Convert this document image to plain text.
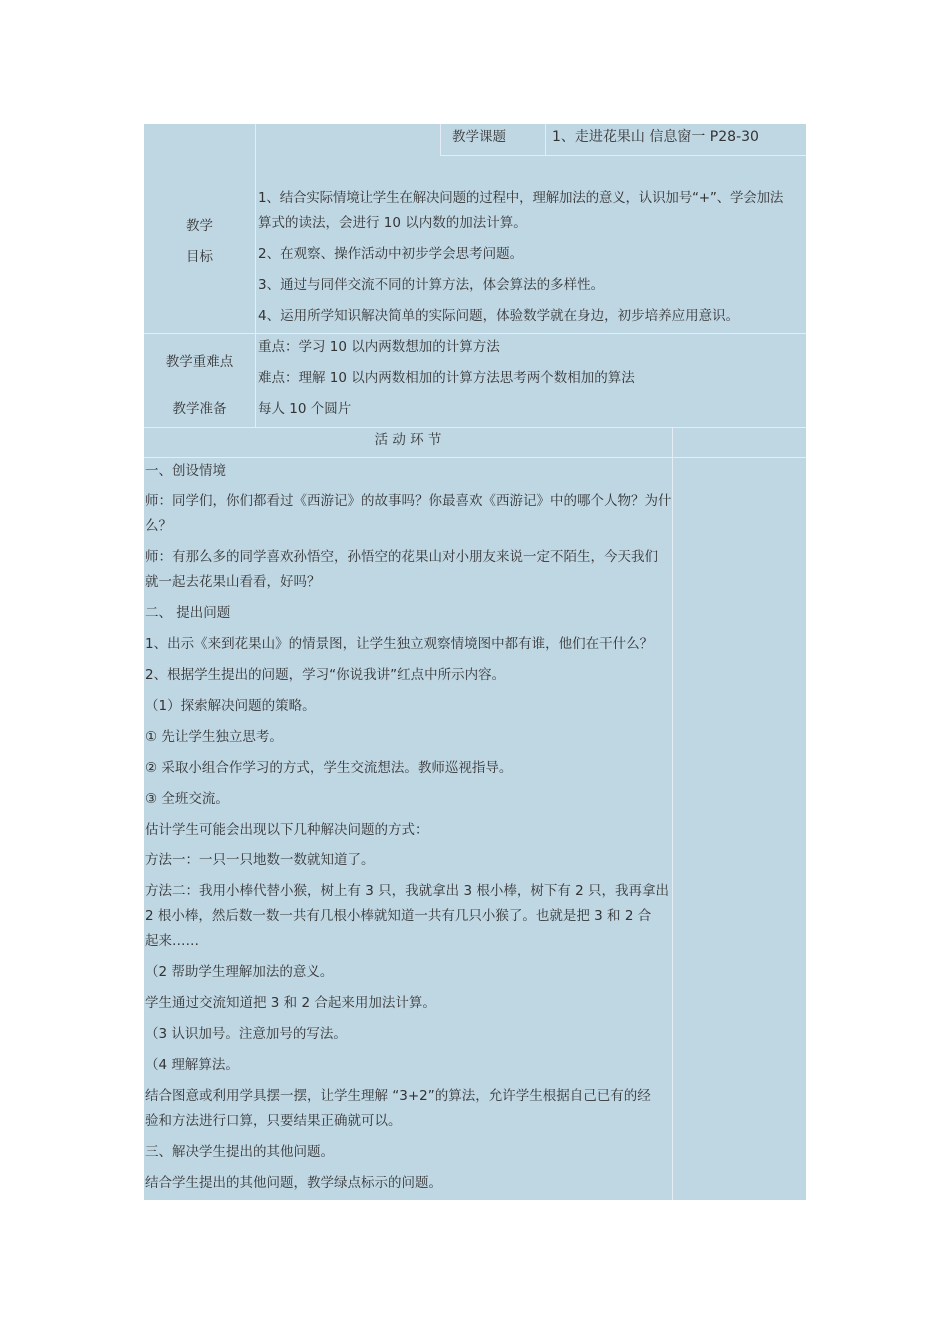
教学课题	1、走进花果山 信息窗一 P28-30
教学
目标
1、结合实际情境让学生在解决问题的过程中，理解加法的意义，认识加号“+”、学会加法
算式的读法，会进行 10 以内数的加法计算。
2、在观察、操作活动中初步学会思考问题。
3、通过与同伴交流不同的计算方法，体会算法的多样性。
4、运用所学知识解决简单的实际问题，体验数学就在身边，初步培养应用意识。
教学重难点
重点：学习 10 以内两数想加的计算方法
难点：理解 10 以内两数相加的计算方法思考两个数相加的算法
教学准备	每人 10 个圆片
活 动 环 节
一、创设情境
师：同学们，你们都看过《西游记》的故事吗？你最喜欢《西游记》中的哪个人物？为什
么？
师：有那么多的同学喜欢孙悟空，孙悟空的花果山对小朋友来说一定不陌生，今天我们
就一起去花果山看看，好吗？
二、 提出问题
1、出示《来到花果山》的情景图，让学生独立观察情境图中都有谁，他们在干什么？
2、根据学生提出的问题，学习“你说我讲”红点中所示内容。
（1）探索解决问题的策略。
① 先让学生独立思考。
② 采取小组合作学习的方式，学生交流想法。教师巡视指导。
③ 全班交流。
估计学生可能会出现以下几种解决问题的方式：
方法一：一只一只地数一数就知道了。
方法二：我用小棒代替小猴，树上有 3 只，我就拿出 3 根小棒，树下有 2 只，我再拿出
2 根小棒，然后数一数一共有几根小棒就知道一共有几只小猴了。也就是把 3 和 2 合
起来……
（2 帮助学生理解加法的意义。
学生通过交流知道把 3 和 2 合起来用加法计算。
（3 认识加号。注意加号的写法。
（4 理解算法。
结合图意或利用学具摆一摆，让学生理解 “3+2”的算法，允许学生根据自己已有的经
验和方法进行口算，只要结果正确就可以。
三、解决学生提出的其他问题。
结合学生提出的其他问题，教学绿点标示的问题。
